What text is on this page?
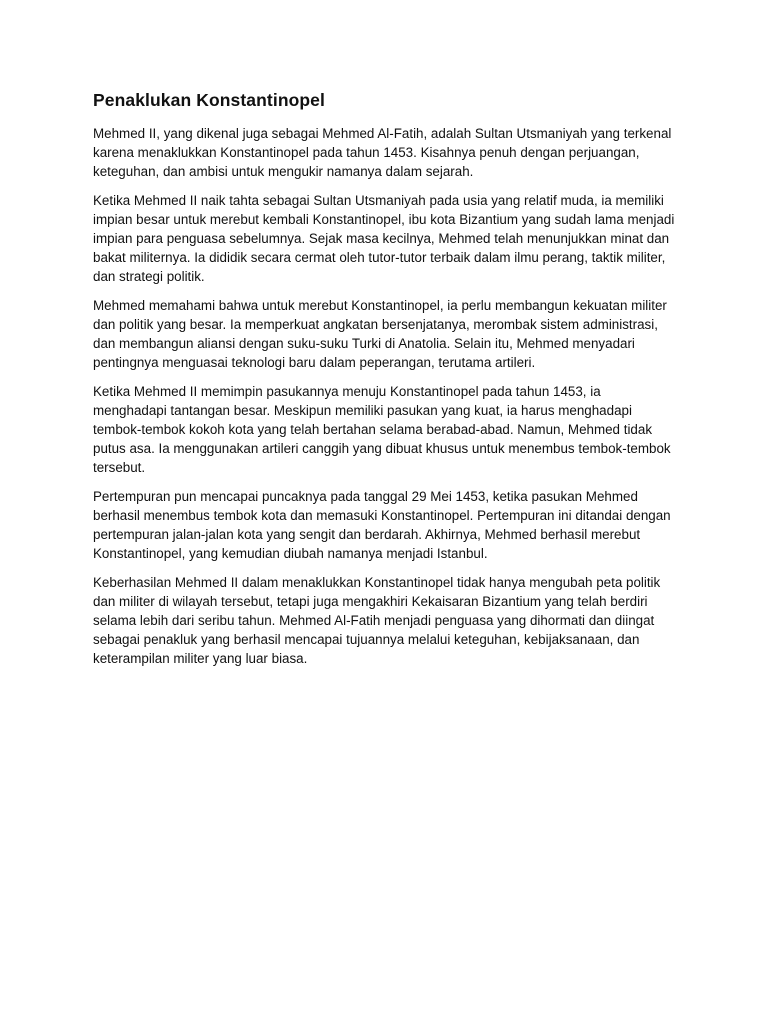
Penaklukan Konstantinopel

Mehmed II, yang dikenal juga sebagai Mehmed Al-Fatih, adalah Sultan Utsmaniyah yang terkenal karena menaklukkan Konstantinopel pada tahun 1453. Kisahnya penuh dengan perjuangan, keteguhan, dan ambisi untuk mengukir namanya dalam sejarah.

Ketika Mehmed II naik tahta sebagai Sultan Utsmaniyah pada usia yang relatif muda, ia memiliki impian besar untuk merebut kembali Konstantinopel, ibu kota Bizantium yang sudah lama menjadi impian para penguasa sebelumnya. Sejak masa kecilnya, Mehmed telah menunjukkan minat dan bakat militernya. Ia dididik secara cermat oleh tutor-tutor terbaik dalam ilmu perang, taktik militer, dan strategi politik.

Mehmed memahami bahwa untuk merebut Konstantinopel, ia perlu membangun kekuatan militer dan politik yang besar. Ia memperkuat angkatan bersenjatanya, merombak sistem administrasi, dan membangun aliansi dengan suku-suku Turki di Anatolia. Selain itu, Mehmed menyadari pentingnya menguasai teknologi baru dalam peperangan, terutama artileri.

Ketika Mehmed II memimpin pasukannya menuju Konstantinopel pada tahun 1453, ia menghadapi tantangan besar. Meskipun memiliki pasukan yang kuat, ia harus menghadapi tembok-tembok kokoh kota yang telah bertahan selama berabad-abad. Namun, Mehmed tidak putus asa. Ia menggunakan artileri canggih yang dibuat khusus untuk menembus tembok-tembok tersebut.

Pertempuran pun mencapai puncaknya pada tanggal 29 Mei 1453, ketika pasukan Mehmed berhasil menembus tembok kota dan memasuki Konstantinopel. Pertempuran ini ditandai dengan pertempuran jalan-jalan kota yang sengit dan berdarah. Akhirnya, Mehmed berhasil merebut Konstantinopel, yang kemudian diubah namanya menjadi Istanbul.

Keberhasilan Mehmed II dalam menaklukkan Konstantinopel tidak hanya mengubah peta politik dan militer di wilayah tersebut, tetapi juga mengakhiri Kekaisaran Bizantium yang telah berdiri selama lebih dari seribu tahun. Mehmed Al-Fatih menjadi penguasa yang dihormati dan diingat sebagai penakluk yang berhasil mencapai tujuannya melalui keteguhan, kebijaksanaan, dan keterampilan militer yang luar biasa.
